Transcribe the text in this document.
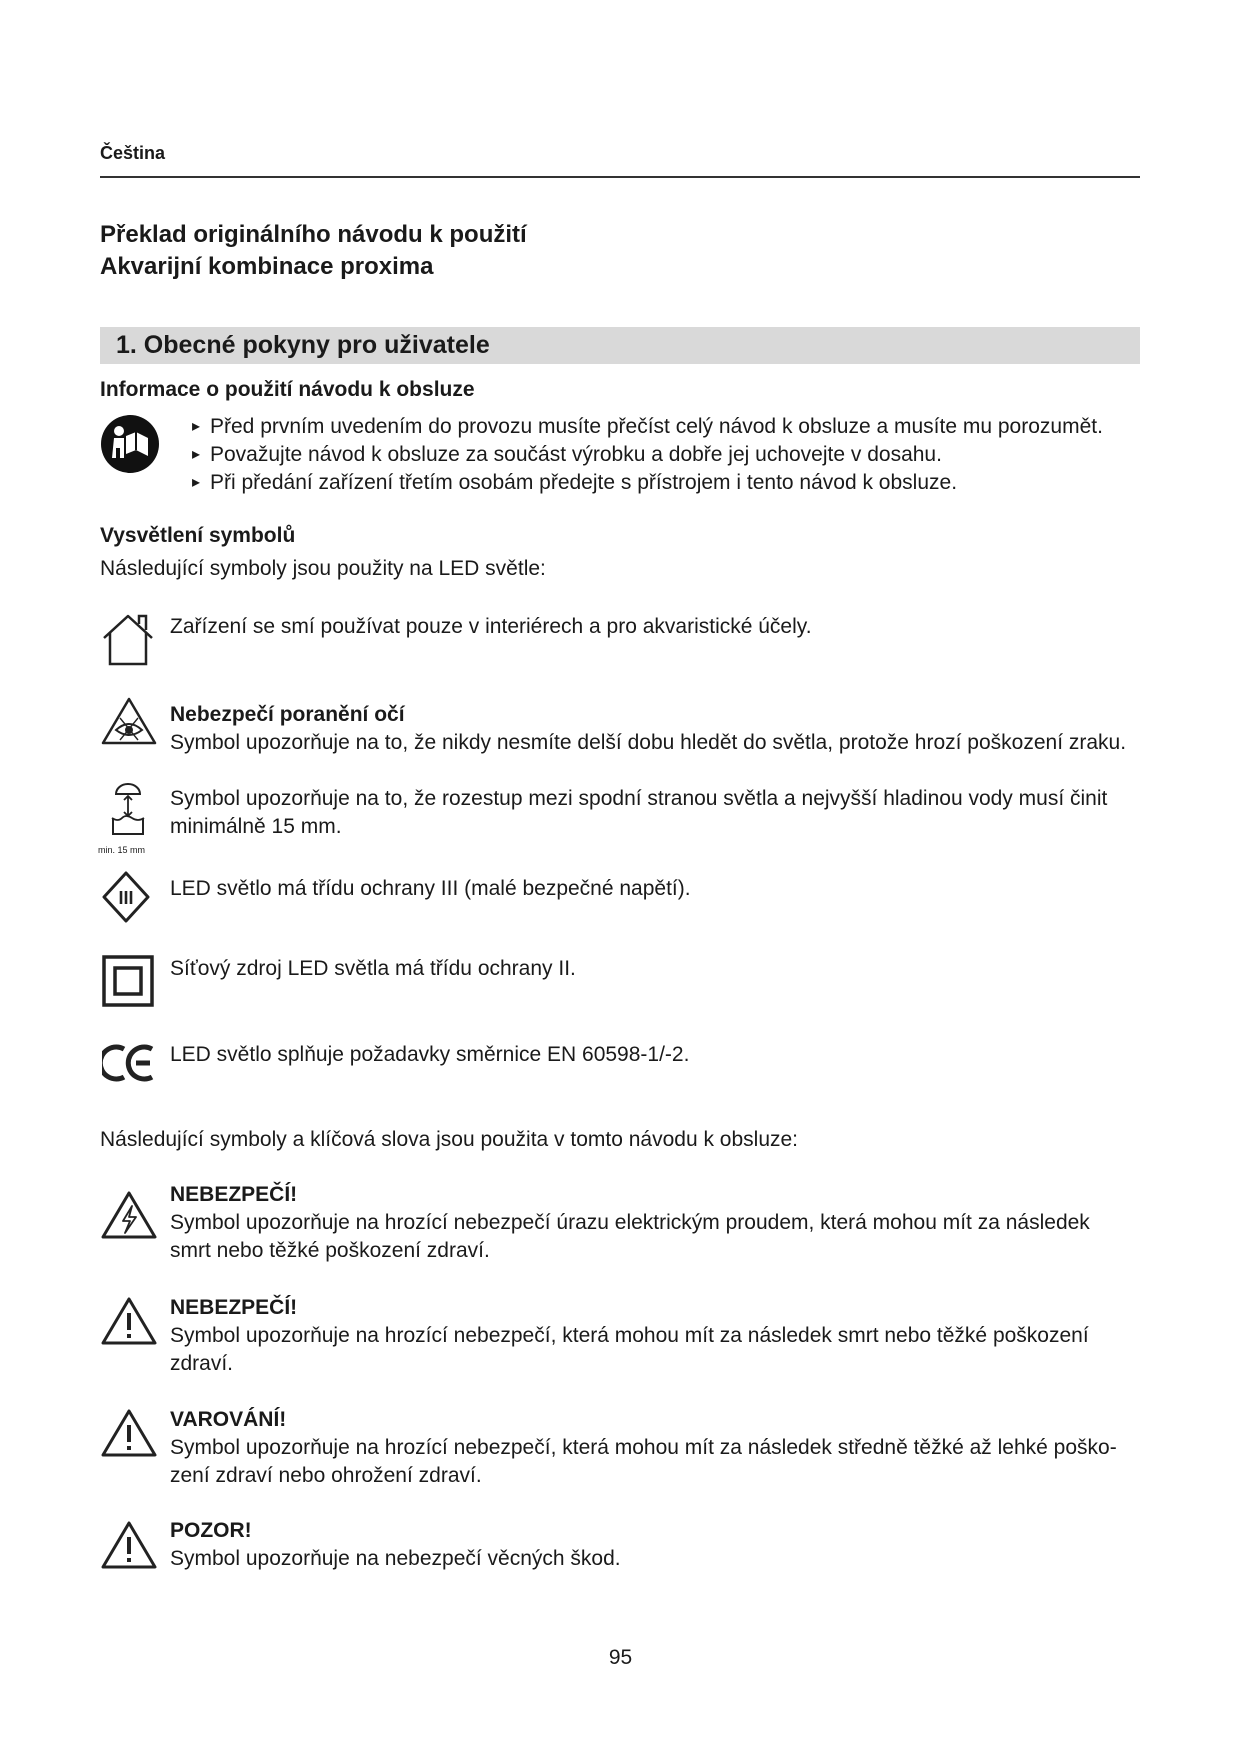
Čeština
Překlad originálního návodu k použití
Akvarijní kombinace proxima
1. Obecné pokyny pro uživatele
Informace o použití návodu k obsluze
▸ Před prvním uvedením do provozu musíte přečíst celý návod k obsluze a musíte mu porozumět.
▸ Považujte návod k obsluze za součást výrobku a dobře jej uchovejte v dosahu.
▸ Při předání zařízení třetím osobám předejte s přístrojem i tento návod k obsluze.
Vysvětlení symbolů
Následující symboly jsou použity na LED světle:
Zařízení se smí používat pouze v interiérech a pro akvaristické účely.
Nebezpečí poranění očí
Symbol upozorňuje na to, že nikdy nesmíte delší dobu hledět do světla, protože hrozí poškození zraku.
min. 15 mm
Symbol upozorňuje na to, že rozestup mezi spodní stranou světla a nejvyšší hladinou vody musí činit
minimálně 15 mm.
III LED světlo má třídu ochrany III (malé bezpečné napětí).
Síťový zdroj LED světla má třídu ochrany II.
LED světlo splňuje požadavky směrnice EN 60598-1/-2.
Následující symboly a klíčová slova jsou použita v tomto návodu k obsluze:
NEBEZPEČÍ!
Symbol upozorňuje na hrozící nebezpečí úrazu elektrickým proudem, která mohou mít za následek
smrt nebo těžké poškození zdraví.
NEBEZPEČÍ!
Symbol upozorňuje na hrozící nebezpečí, která mohou mít za následek smrt nebo těžké poškození
zdraví.
VAROVÁNÍ!
Symbol upozorňuje na hrozící nebezpečí, která mohou mít za následek středně těžké až lehké poško-
zení zdraví nebo ohrožení zdraví.
POZOR!
Symbol upozorňuje na nebezpečí věcných škod.
95
